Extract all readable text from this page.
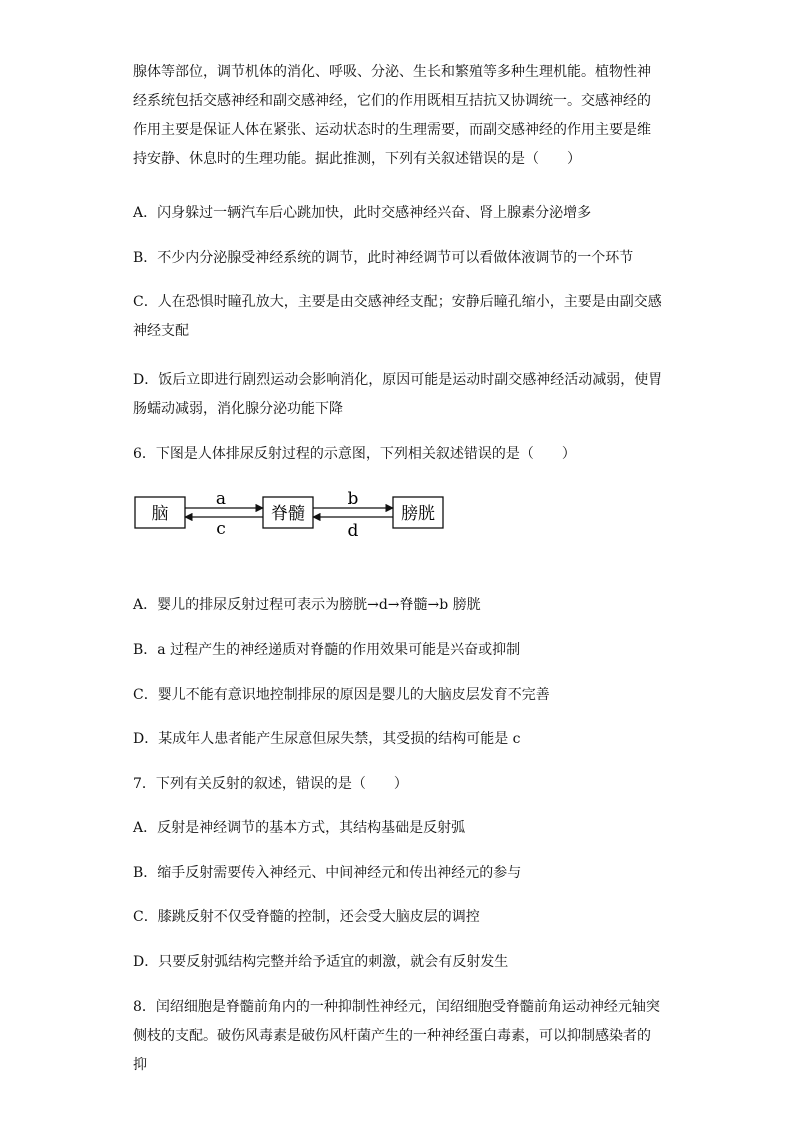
腺体等部位，调节机体的消化、呼吸、分泌、生长和繁殖等多种生理机能。植物性神经系统包括交感神经和副交感神经，它们的作用既相互拮抗又协调统一。交感神经的作用主要是保证人体在紧张、运动状态时的生理需要，而副交感神经的作用主要是维持安静、休息时的生理功能。据此推测，下列有关叙述错误的是（　　）

A．闪身躲过一辆汽车后心跳加快，此时交感神经兴奋、肾上腺素分泌增多

B．不少内分泌腺受神经系统的调节，此时神经调节可以看做体液调节的一个环节

C．人在恐惧时瞳孔放大，主要是由交感神经支配；安静后瞳孔缩小，主要是由副交感神经支配

D．饭后立即进行剧烈运动会影响消化，原因可能是运动时副交感神经活动减弱，使胃肠蠕动减弱，消化腺分泌功能下降

6．下图是人体排尿反射过程的示意图，下列相关叙述错误的是（　　）

脑	脊髓	膀胱
a
c
b
d

A．婴儿的排尿反射过程可表示为膀胱→d→脊髓→b 膀胱

B．a 过程产生的神经递质对脊髓的作用效果可能是兴奋或抑制

C．婴儿不能有意识地控制排尿的原因是婴儿的大脑皮层发育不完善

D．某成年人患者能产生尿意但尿失禁，其受损的结构可能是 c

7．下列有关反射的叙述，错误的是（　　）

A．反射是神经调节的基本方式，其结构基础是反射弧

B．缩手反射需要传入神经元、中间神经元和传出神经元的参与

C．膝跳反射不仅受脊髓的控制，还会受大脑皮层的调控

D．只要反射弧结构完整并给予适宜的刺激，就会有反射发生

8．闰绍细胞是脊髓前角内的一种抑制性神经元，闰绍细胞受脊髓前角运动神经元轴突侧枝的支配。破伤风毒素是破伤风杆菌产生的一种神经蛋白毒素，可以抑制感染者的抑
